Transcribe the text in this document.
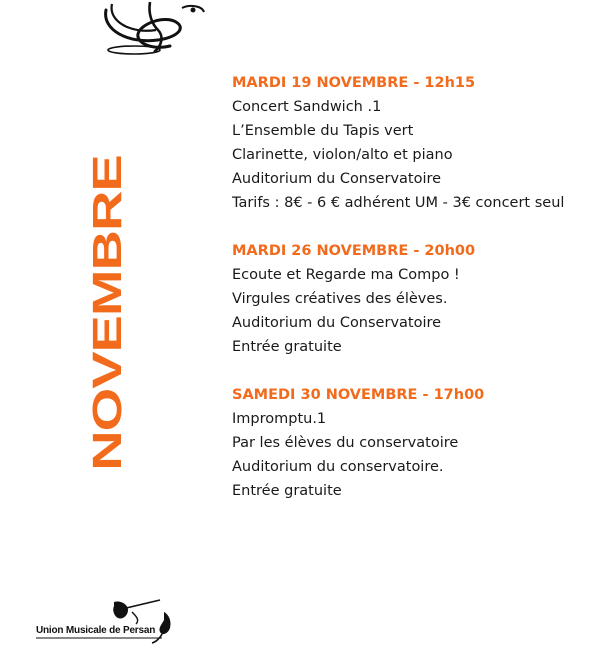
NOVEMBRE
MARDI 19 NOVEMBRE - 12h15
Concert Sandwich .1
L’Ensemble du Tapis vert
Clarinette, violon/alto et piano
Auditorium du Conservatoire
Tarifs : 8€ - 6 € adhérent UM - 3€ concert seul
MARDI 26 NOVEMBRE - 20h00
Ecoute et Regarde ma Compo !
Virgules créatives des élèves.
Auditorium du Conservatoire
Entrée gratuite
SAMEDI 30 NOVEMBRE - 17h00
Impromptu.1
Par les élèves du conservatoire
Auditorium du conservatoire.
Entrée gratuite
Union Musicale de Persan
